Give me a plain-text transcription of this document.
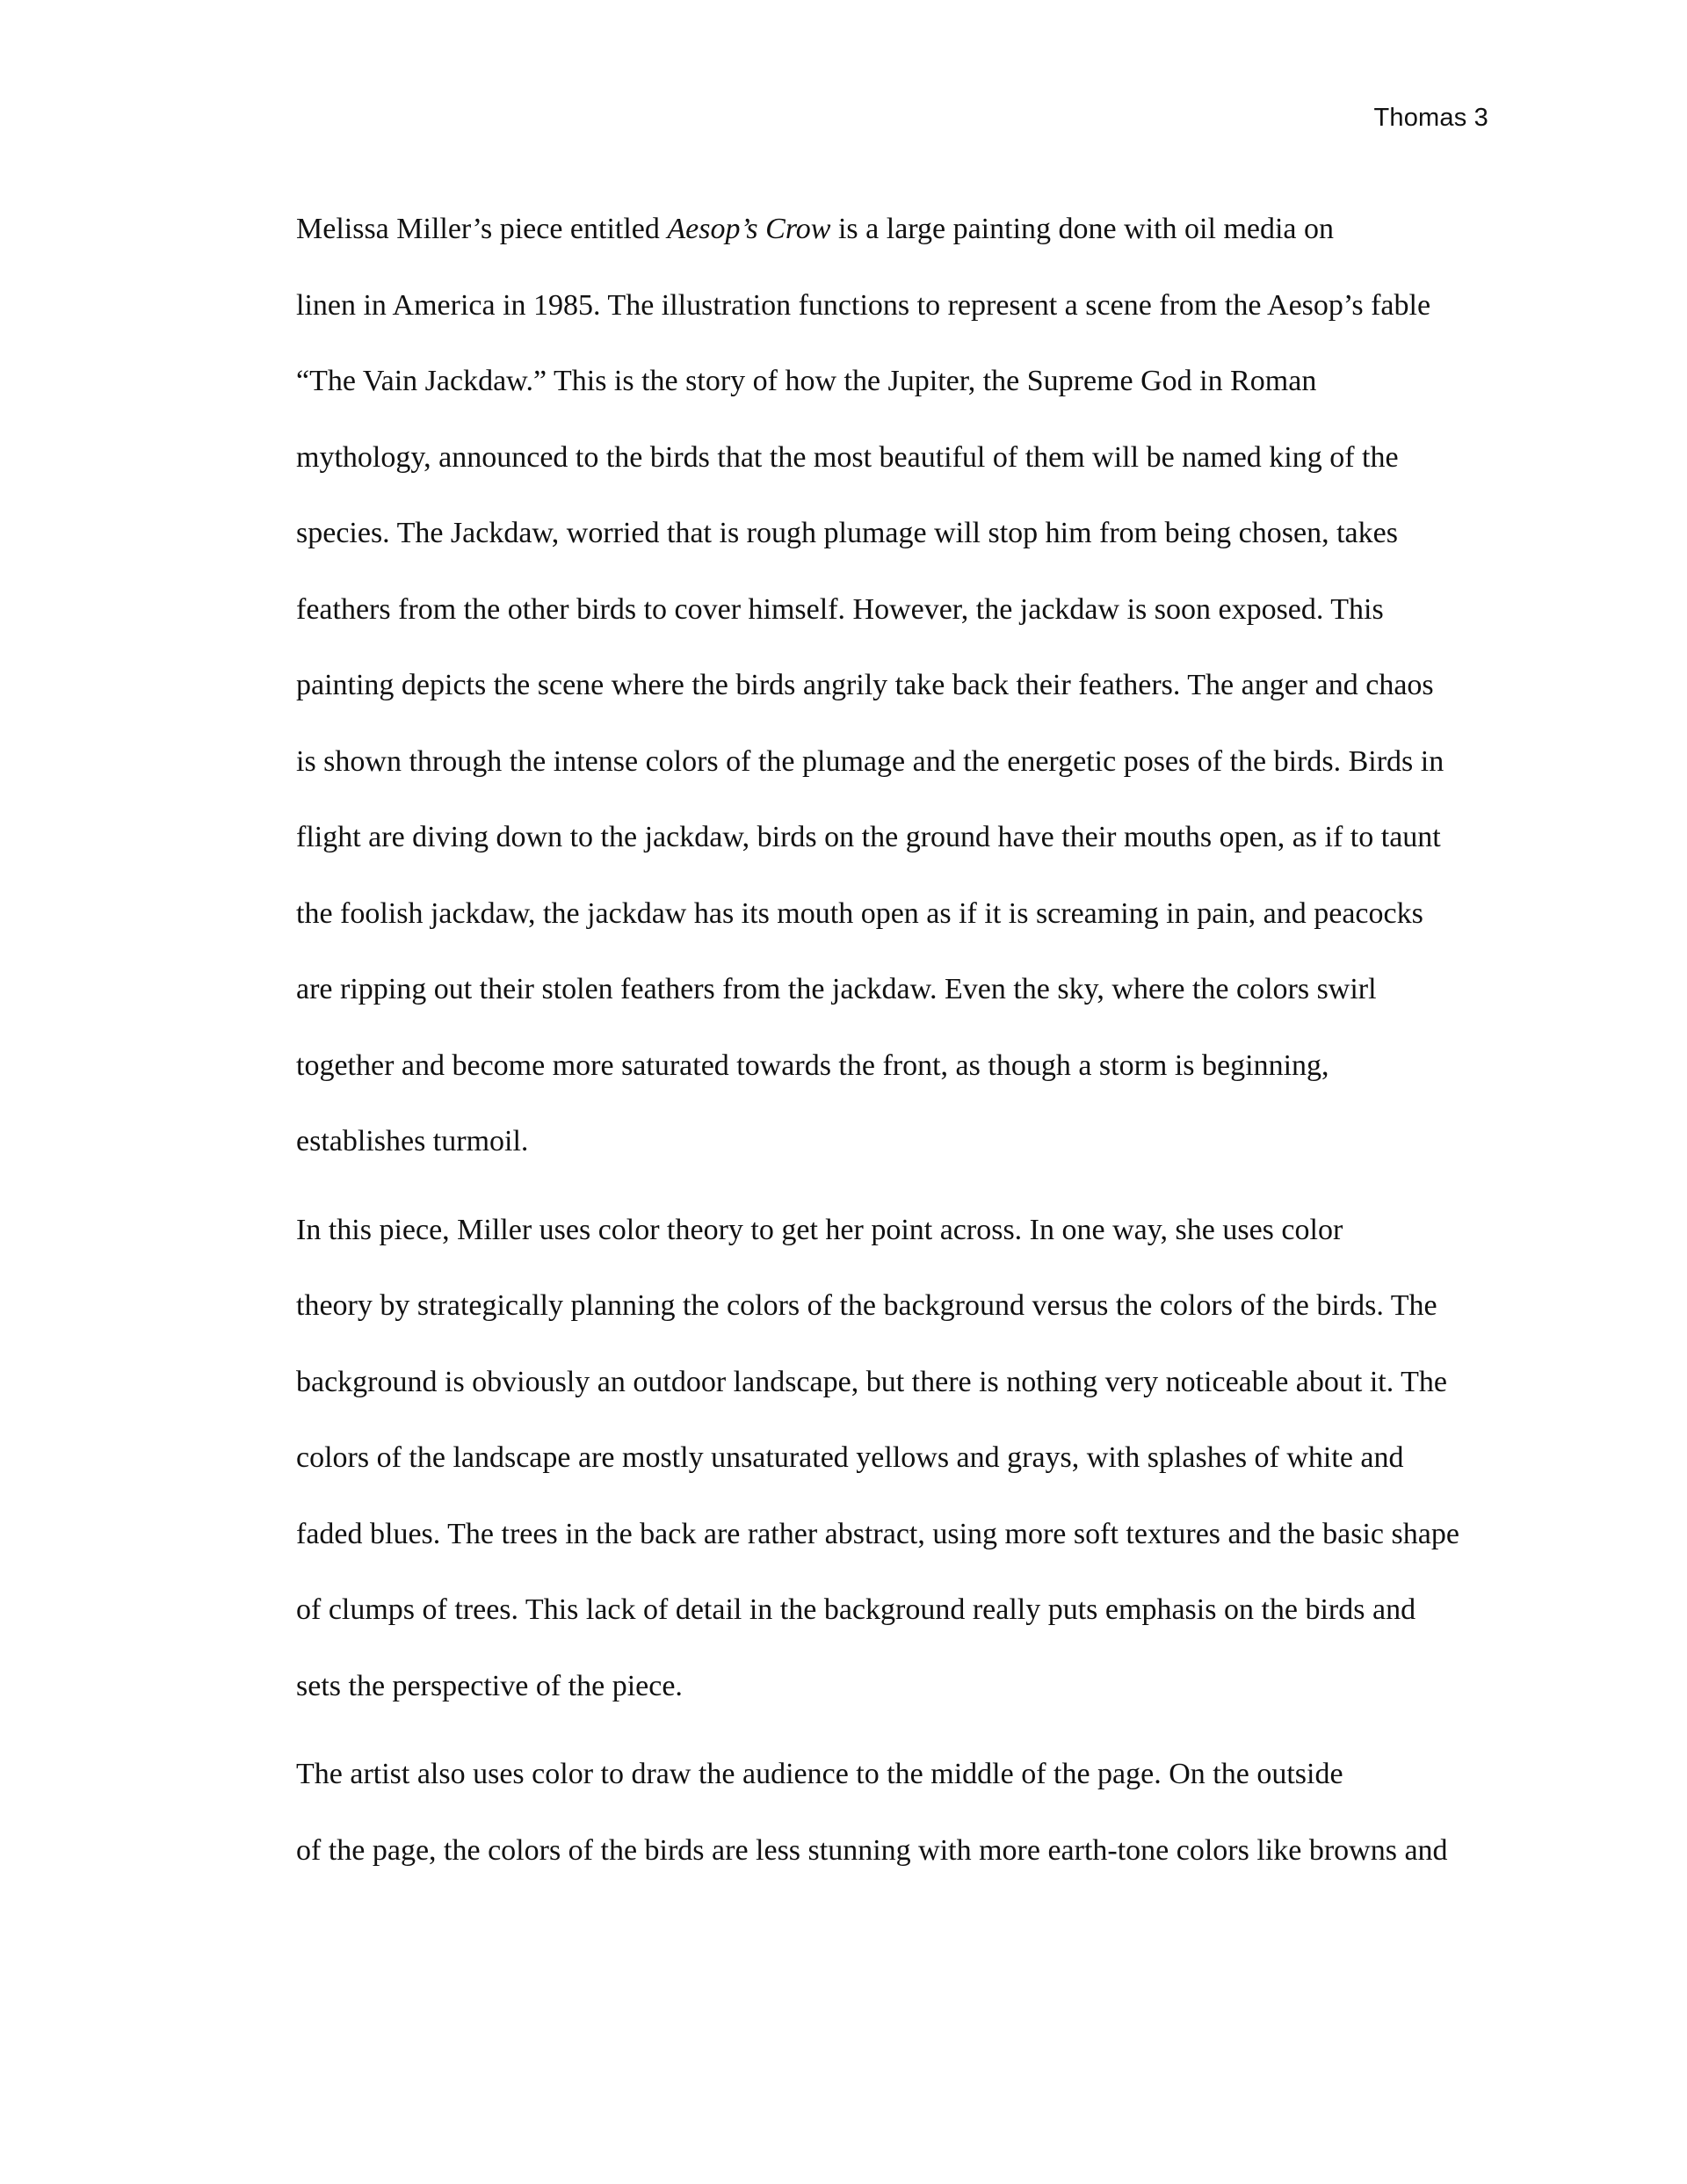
Thomas 3

Melissa Miller’s piece entitled Aesop’s Crow is a large painting done with oil media on
linen in America in 1985. The illustration functions to represent a scene from the Aesop’s fable
“The Vain Jackdaw.” This is the story of how the Jupiter, the Supreme God in Roman
mythology, announced to the birds that the most beautiful of them will be named king of the
species. The Jackdaw, worried that is rough plumage will stop him from being chosen, takes
feathers from the other birds to cover himself. However, the jackdaw is soon exposed. This
painting depicts the scene where the birds angrily take back their feathers. The anger and chaos
is shown through the intense colors of the plumage and the energetic poses of the birds. Birds in
flight are diving down to the jackdaw, birds on the ground have their mouths open, as if to taunt
the foolish jackdaw, the jackdaw has its mouth open as if it is screaming in pain, and peacocks
are ripping out their stolen feathers from the jackdaw. Even the sky, where the colors swirl
together and become more saturated towards the front, as though a storm is beginning,
establishes turmoil.

In this piece, Miller uses color theory to get her point across. In one way, she uses color
theory by strategically planning the colors of the background versus the colors of the birds. The
background is obviously an outdoor landscape, but there is nothing very noticeable about it. The
colors of the landscape are mostly unsaturated yellows and grays, with splashes of white and
faded blues. The trees in the back are rather abstract, using more soft textures and the basic shape
of clumps of trees. This lack of detail in the background really puts emphasis on the birds and
sets the perspective of the piece.

The artist also uses color to draw the audience to the middle of the page. On the outside
of the page, the colors of the birds are less stunning with more earth-tone colors like browns and
